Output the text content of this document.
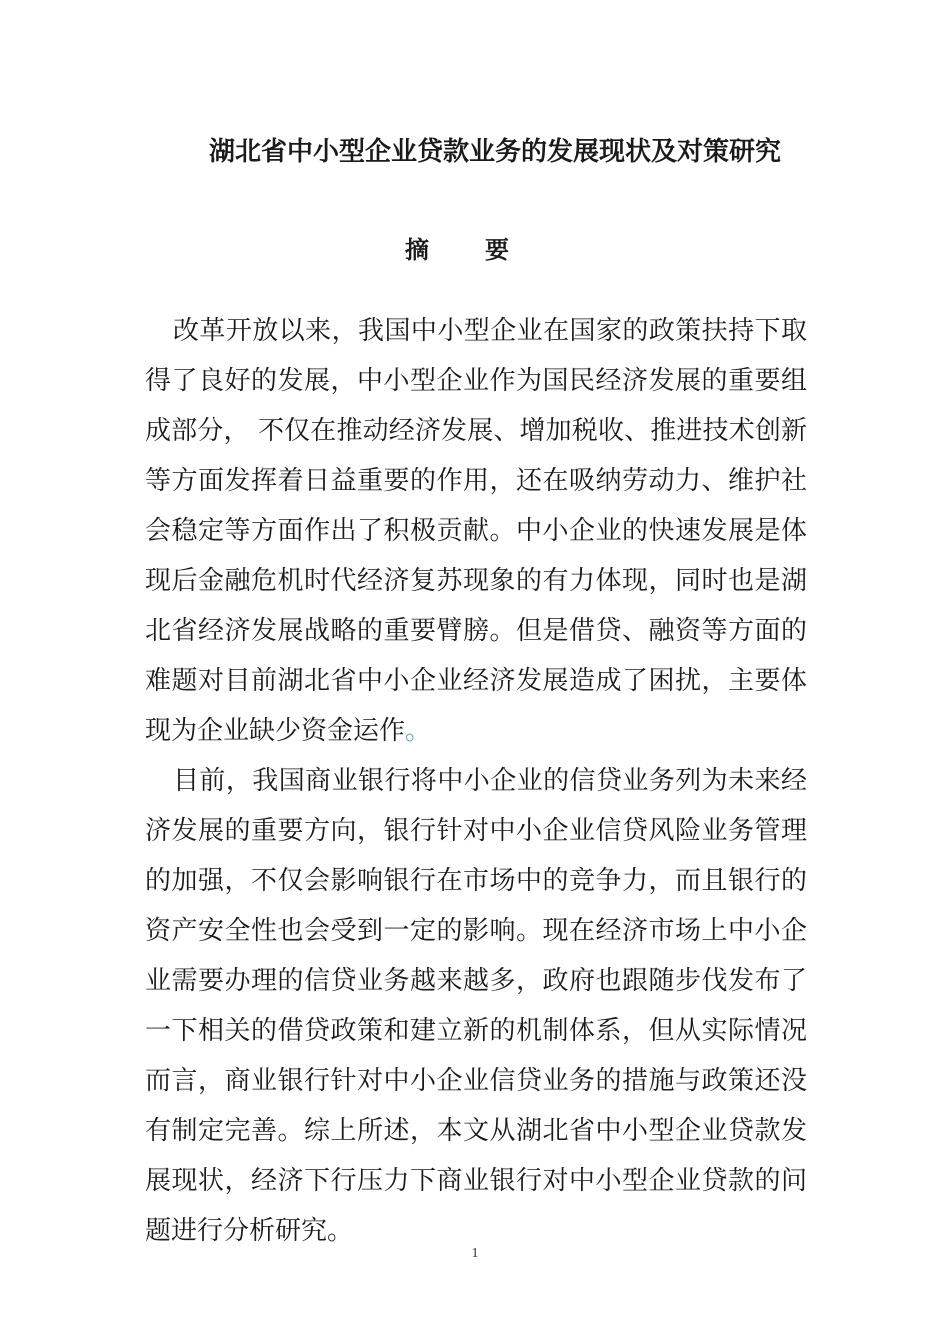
湖北省中小型企业贷款业务的发展现状及对策研究
摘要

改革开放以来，我国中小型企业在国家的政策扶持下取得了良好的发展，中小型企业作为国民经济发展的重要组成部分， 不仅在推动经济发展、增加税收、推进技术创新等方面发挥着日益重要的作用，还在吸纳劳动力、维护社会稳定等方面作出了积极贡献。中小企业的快速发展是体现后金融危机时代经济复苏现象的有力体现，同时也是湖北省经济发展战略的重要臂膀。但是借贷、融资等方面的难题对目前湖北省中小企业经济发展造成了困扰，主要体现为企业缺少资金运作。

目前，我国商业银行将中小企业的信贷业务列为未来经济发展的重要方向，银行针对中小企业信贷风险业务管理的加强，不仅会影响银行在市场中的竞争力，而且银行的资产安全性也会受到一定的影响。现在经济市场上中小企业需要办理的信贷业务越来越多，政府也跟随步伐发布了一下相关的借贷政策和建立新的机制体系，但从实际情况而言，商业银行针对中小企业信贷业务的措施与政策还没有制定完善。综上所述，本文从湖北省中小型企业贷款发展现状，经济下行压力下商业银行对中小型企业贷款的问题进行分析研究。

1
